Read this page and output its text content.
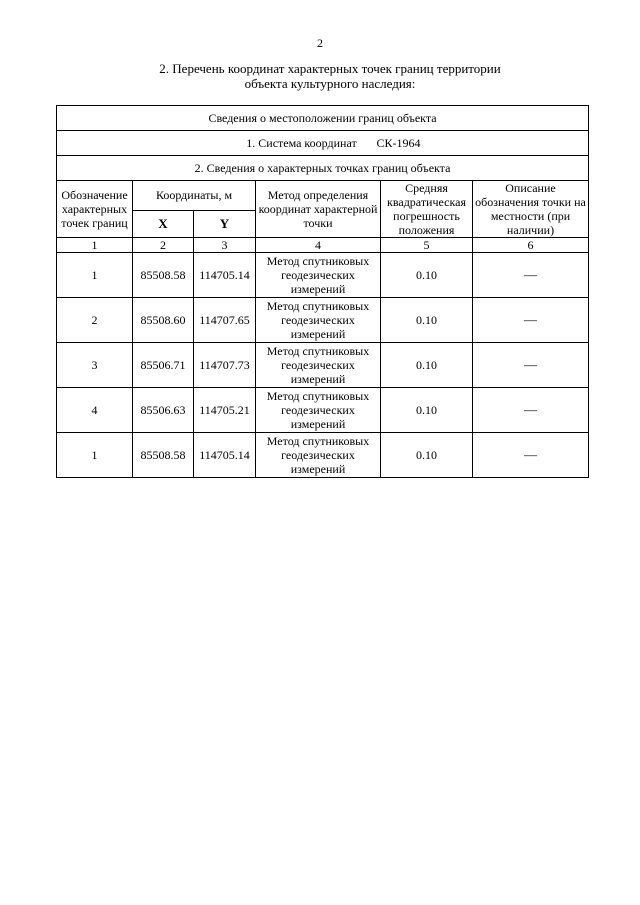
2
2. Перечень координат характерных точек границ территории
объекта культурного наследия:
Сведения о местоположении границ объекта					
1. Система координат СК-1964					
2. Сведения о характерных точках границ объекта					
Обозначение характерных точек границ	Координаты, м		Метод определения координат характерной точки	Средняя квадратическая погрешность положения	Описание обозначения точки на местности (при наличии)
	X	Y			
1	2	3	4	5	6
1	85508.58	114705.14	Метод спутниковых геодезических измерений	0.10	—
2	85508.60	114707.65	Метод спутниковых геодезических измерений	0.10	—
3	85506.71	114707.73	Метод спутниковых геодезических измерений	0.10	—
4	85506.63	114705.21	Метод спутниковых геодезических измерений	0.10	—
1	85508.58	114705.14	Метод спутниковых геодезических измерений	0.10	—
